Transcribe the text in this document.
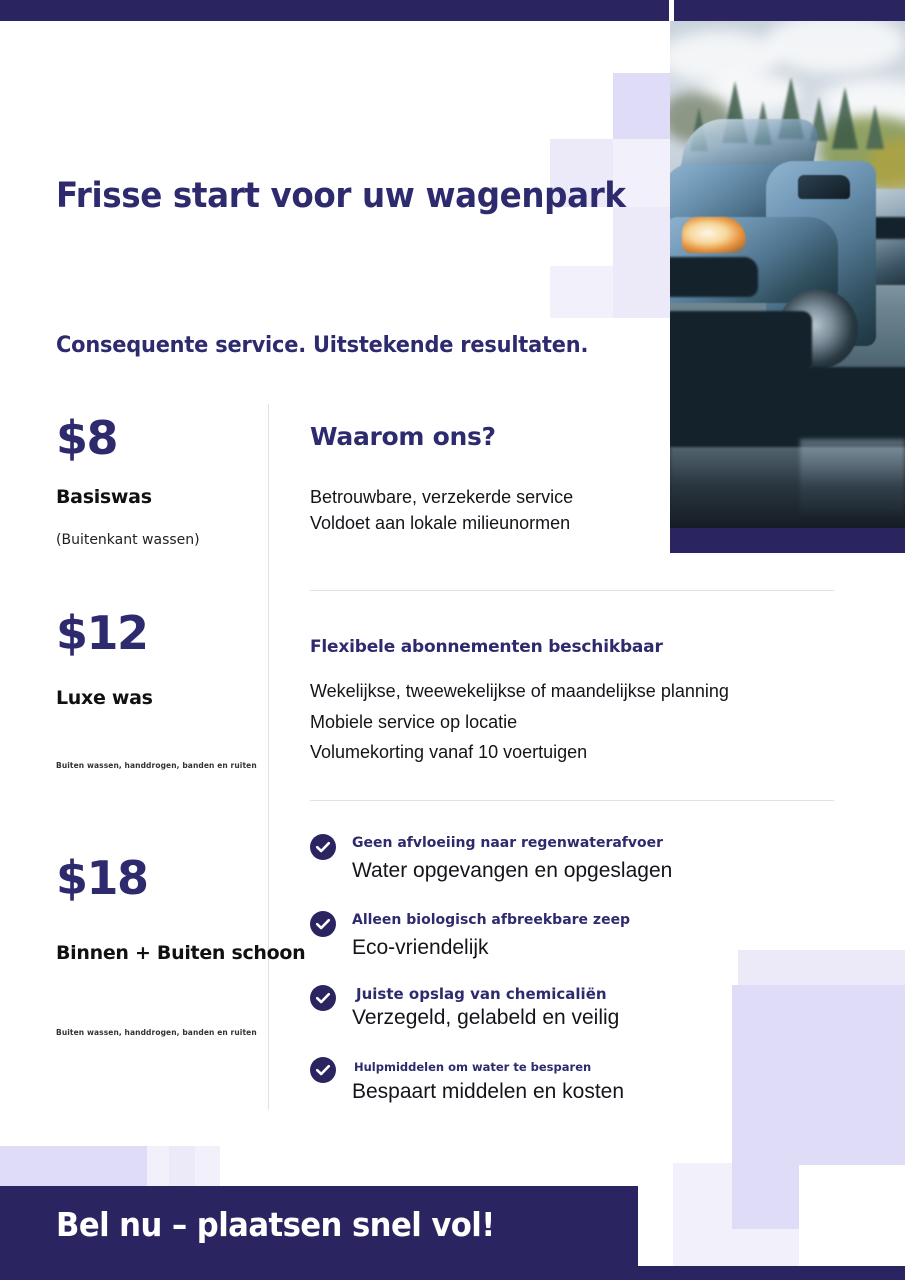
Frisse start voor uw wagenpark
Consequente service. Uitstekende resultaten.
$8
Basiswas
(Buitenkant wassen)
$12
Luxe was
Buiten wassen, handdrogen, banden en ruiten
$18
Binnen + Buiten schoon
Buiten wassen, handdrogen, banden en ruiten
Waarom ons?
Betrouwbare, verzekerde service
Voldoet aan lokale milieunormen
Flexibele abonnementen beschikbaar
Wekelijkse, tweewekelijkse of maandelijkse planning
Mobiele service op locatie
Volumekorting vanaf 10 voertuigen
Geen afvloeiing naar regenwaterafvoer
Water opgevangen en opgeslagen
Alleen biologisch afbreekbare zeep
Eco-vriendelijk
Juiste opslag van chemicaliën
Verzegeld, gelabeld en veilig
Hulpmiddelen om water te besparen
Bespaart middelen en kosten
Bel nu – plaatsen snel vol!
